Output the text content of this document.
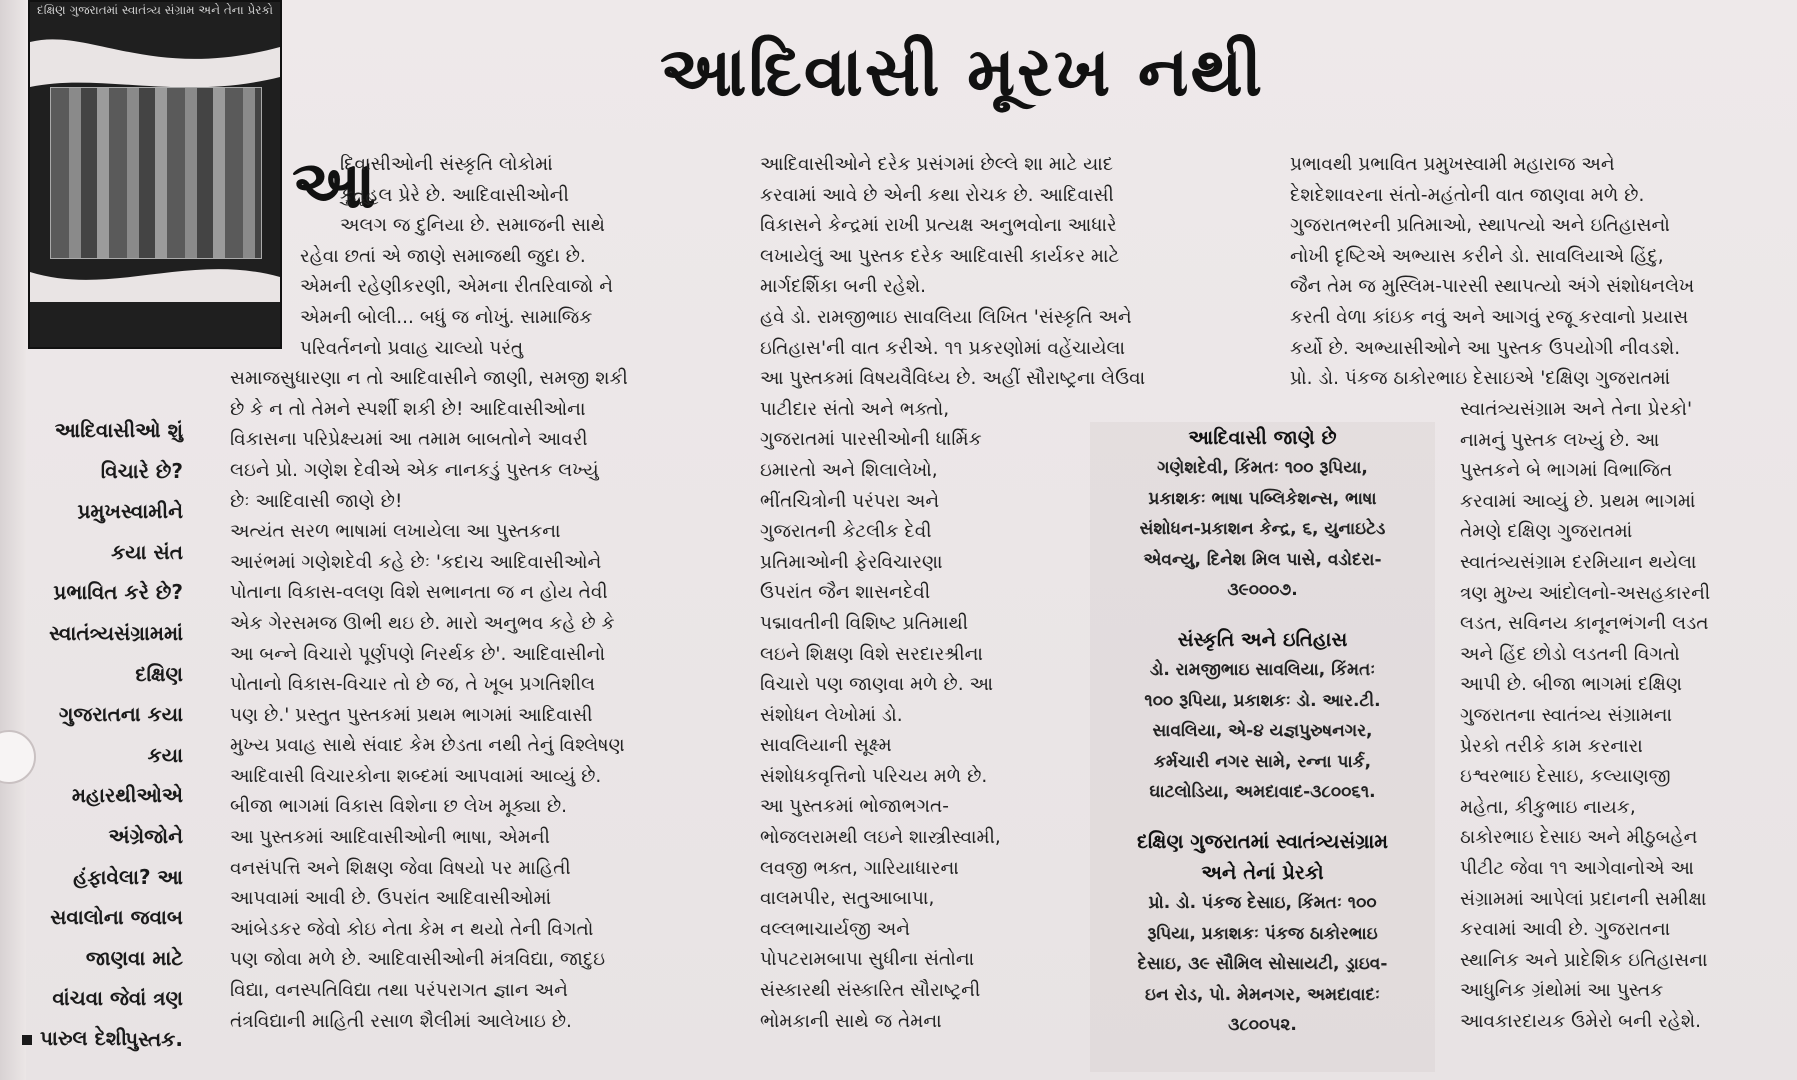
દક્ષિણ ગુજરાતમાં સ્વાતંત્ર્ય સંગ્રામ અને તેના પ્રેરકો
આદિવાસી મૂરખ નથી
આ
દિવાસીઓની સંસ્કૃતિ લોકોમાં
કુતૂહલ પ્રેરે છે. આદિવાસીઓની
અલગ જ દુનિયા છે. સમાજની સાથે
રહેવા છતાં એ જાણે સમાજથી જુદા છે.
એમની રહેણીકરણી, એમના રીતરિવાજો ને
એમની બોલી... બધું જ નોખું. સામાજિક
પરિવર્તનનો પ્રવાહ ચાલ્યો પરંતુ
સમાજસુધારણા ન તો આદિવાસીને જાણી, સમજી શકી
છે કે ન તો તેમને સ્પર્શી શકી છે! આદિવાસીઓના
વિકાસના પરિપ્રેક્ષ્યમાં આ તમામ બાબતોને આવરી
લઇને પ્રો. ગણેશ દેવીએ એક નાનકડું પુસ્તક લખ્યું
છેઃ આદિવાસી જાણે છે!
અત્યંત સરળ ભાષામાં લખાયેલા આ પુસ્તકના
આરંભમાં ગણેશદેવી કહે છેઃ 'કદાચ આદિવાસીઓને
પોતાના વિકાસ-વલણ વિશે સભાનતા જ ન હોય તેવી
એક ગેરસમજ ઊભી થઇ છે. મારો અનુભવ કહે છે કે
આ બન્ને વિચારો પૂર્ણપણે નિરર્થક છે'. આદિવાસીનો
પોતાનો વિકાસ-વિચાર તો છે જ, તે ખૂબ પ્રગતિશીલ
પણ છે.' પ્રસ્તુત પુસ્તકમાં પ્રથમ ભાગમાં આદિવાસી
મુખ્ય પ્રવાહ સાથે સંવાદ કેમ છેડતા નથી તેનું વિશ્લેષણ
આદિવાસી વિચારકોના શબ્દમાં આપવામાં આવ્યું છે.
બીજા ભાગમાં વિકાસ વિશેના છ લેખ મૂક્યા છે.
આ પુસ્તકમાં આદિવાસીઓની ભાષા, એમની
વનસંપત્તિ અને શિક્ષણ જેવા વિષયો પર માહિતી
આપવામાં આવી છે. ઉપરાંત આદિવાસીઓમાં
આંબેડકર જેવો કોઇ નેતા કેમ ન થયો તેની વિગતો
પણ જોવા મળે છે. આદિવાસીઓની મંત્રવિદ્યા, જાદુઇ
વિદ્યા, વનસ્પતિવિદ્યા તથા પરંપરાગત જ્ઞાન અને
તંત્રવિદ્યાની માહિતી રસાળ શૈલીમાં આલેખાઇ છે.
આદિવાસીઓને દરેક પ્રસંગમાં છેલ્લે શા માટે યાદ
કરવામાં આવે છે એની કથા રોચક છે. આદિવાસી
વિકાસને કેન્દ્રમાં રાખી પ્રત્યક્ષ અનુભવોના આધારે
લખાયેલું આ પુસ્તક દરેક આદિવાસી કાર્યકર માટે
માર્ગદર્શિકા બની રહેશે.
હવે ડો. રામજીભાઇ સાવલિયા લિખિત 'સંસ્કૃતિ અને
ઇતિહાસ'ની વાત કરીએ. ૧૧ પ્રકરણોમાં વહેંચાયેલા
આ પુસ્તકમાં વિષયવૈવિધ્ય છે. અહીં સૌરાષ્ટ્રના લેઉવા
પાટીદાર સંતો અને ભક્તો,
ગુજરાતમાં પારસીઓની ધાર્મિક
ઇમારતો અને શિલાલેખો,
ભીંતચિત્રોની પરંપરા અને
ગુજરાતની કેટલીક દેવી
પ્રતિમાઓની ફેરવિચારણા
ઉપરાંત જૈન શાસનદેવી
પદ્માવતીની વિશિષ્ટ પ્રતિમાથી
લઇને શિક્ષણ વિશે સરદારશ્રીના
વિચારો પણ જાણવા મળે છે. આ
સંશોધન લેખોમાં ડો.
સાવલિયાની સૂક્ષ્મ
સંશોધકવૃત્તિનો પરિચય મળે છે.
આ પુસ્તકમાં ભોજાભગત-
ભોજલરામથી લઇને શાસ્ત્રીસ્વામી,
લવજી ભક્ત, ગારિયાધારના
વાલમપીર, સતુઆબાપા,
વલ્લભાચાર્યજી અને
પોપટરામબાપા સુધીના સંતોના
સંસ્કારથી સંસ્કારિત સૌરાષ્ટ્રની
ભોમકાની સાથે જ તેમના
પ્રભાવથી પ્રભાવિત પ્રમુખસ્વામી મહારાજ અને
દેશદેશાવરના સંતો-મહંતોની વાત જાણવા મળે છે.
ગુજરાતભરની પ્રતિમાઓ, સ્થાપત્યો અને ઇતિહાસનો
નોખી દૃષ્ટિએ અભ્યાસ કરીને ડો. સાવલિયાએ હિંદુ,
જૈન તેમ જ મુસ્લિમ-પારસી સ્થાપત્યો અંગે સંશોધનલેખ
કરતી વેળા કાંઇક નવું અને આગવું રજૂ કરવાનો પ્રયાસ
કર્યો છે. અભ્યાસીઓને આ પુસ્તક ઉપયોગી નીવડશે.
પ્રો. ડો. પંકજ ઠાકોરભાઇ દેસાઇએ 'દક્ષિણ ગુજરાતમાં
સ્વાતંત્ર્યસંગ્રામ અને તેના પ્રેરકો'
નામનું પુસ્તક લખ્યું છે. આ
પુસ્તકને બે ભાગમાં વિભાજિત
કરવામાં આવ્યું છે. પ્રથમ ભાગમાં
તેમણે દક્ષિણ ગુજરાતમાં
સ્વાતંત્ર્યસંગ્રામ દરમિયાન થયેલા
ત્રણ મુખ્ય આંદોલનો-અસહકારની
લડત, સવિનય કાનૂનભંગની લડત
અને હિંદ છોડો લડતની વિગતો
આપી છે. બીજા ભાગમાં દક્ષિણ
ગુજરાતના સ્વાતંત્ર્ય સંગ્રામના
પ્રેરકો તરીકે કામ કરનારા
ઇશ્વરભાઇ દેસાઇ, કલ્યાણજી
મહેતા, કીકુભાઇ નાયક,
ઠાકોરભાઇ દેસાઇ અને મીઠુબહેન
પીટીટ જેવા ૧૧ આગેવાનોએ આ
સંગ્રામમાં આપેલાં પ્રદાનની સમીક્ષા
કરવામાં આવી છે. ગુજરાતના
સ્થાનિક અને પ્રાદેશિક ઇતિહાસના
આધુનિક ગ્રંથોમાં આ પુસ્તક
આવકારદાયક ઉમેરો બની રહેશે.
આદિવાસીઓ શું
વિચારે છે?
પ્રમુખસ્વામીને
કયા સંત
પ્રભાવિત કરે છે?
સ્વાતંત્ર્યસંગ્રામમાં
દક્ષિણ
ગુજરાતના કયા
કયા
મહારથીઓએ
અંગ્રેજોને
હંફાવેલા? આ
સવાલોના જવાબ
જાણવા માટે
વાંચવા જેવાં ત્રણ
પુસ્તક.
પારુલ દેશી
આદિવાસી જાણે છે
ગણેશદેવી, કિંમતઃ ૧૦૦ રૂપિયા,
પ્રકાશકઃ ભાષા પબ્લિકેશન્સ, ભાષા
સંશોધન-પ્રકાશન કેન્દ્ર, ૬, યુનાઇટેડ
એવન્યુ, દિનેશ મિલ પાસે, વડોદરા-
૩૯૦૦૦૭.
સંસ્કૃતિ અને ઇતિહાસ
ડો. રામજીભાઇ સાવલિયા, કિંમતઃ
૧૦૦ રૂપિયા, પ્રકાશકઃ ડો. આર.ટી.
સાવલિયા, એ-૪ યજ્ઞપુરુષનગર,
કર્મચારી નગર સામે, રન્ના પાર્ક,
ઘાટલોડિયા, અમદાવાદ-૩૮૦૦૬૧.
દક્ષિણ ગુજરાતમાં સ્વાતંત્ર્યસંગ્રામ
અને તેનાં પ્રેરકો
પ્રો. ડો. પંકજ દેસાઇ, કિંમતઃ ૧૦૦
રૂપિયા, પ્રકાશકઃ પંકજ ઠાકોરભાઇ
દેસાઇ, ૩૯ સૌમિલ સોસાયટી, ડ્રાઇવ-
ઇન રોડ, પો. મેમનગર, અમદાવાદઃ
૩૮૦૦૫૨.
